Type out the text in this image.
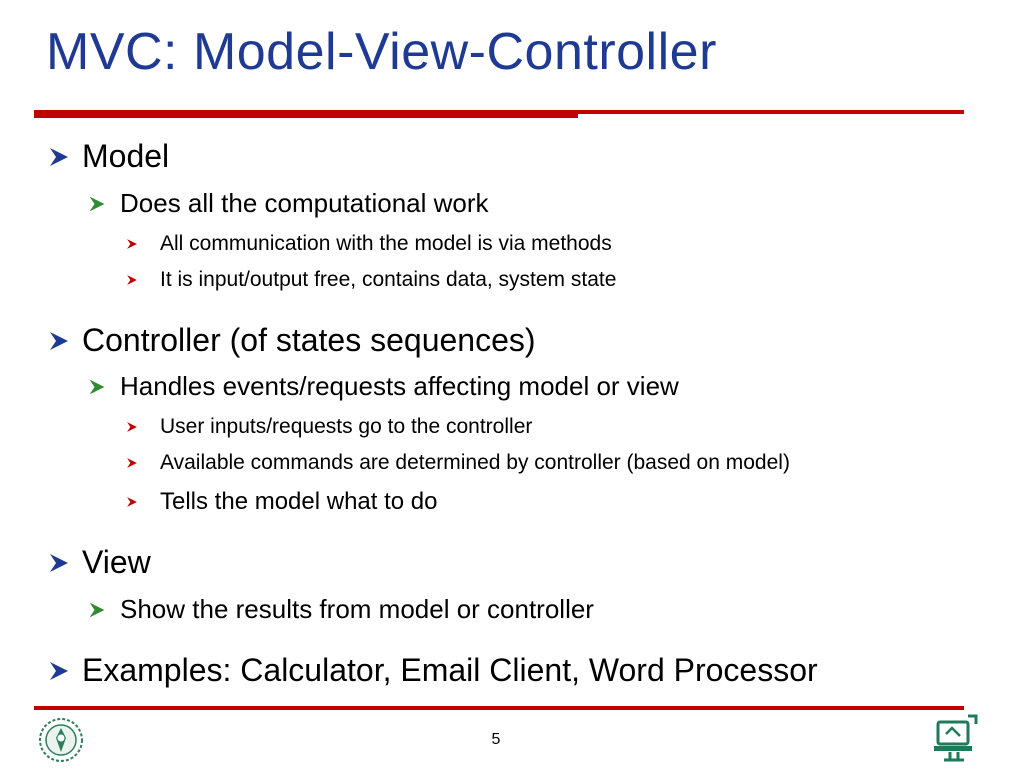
MVC: Model-View-Controller
Model
Does all the computational work
All communication with the model is via methods
It is input/output free, contains data, system state
Controller (of states sequences)
Handles events/requests affecting model or view
User inputs/requests go to the controller
Available commands are determined by controller (based on model)
Tells the model what to do
View
Show the results from model or controller
Examples: Calculator, Email Client, Word Processor
5
